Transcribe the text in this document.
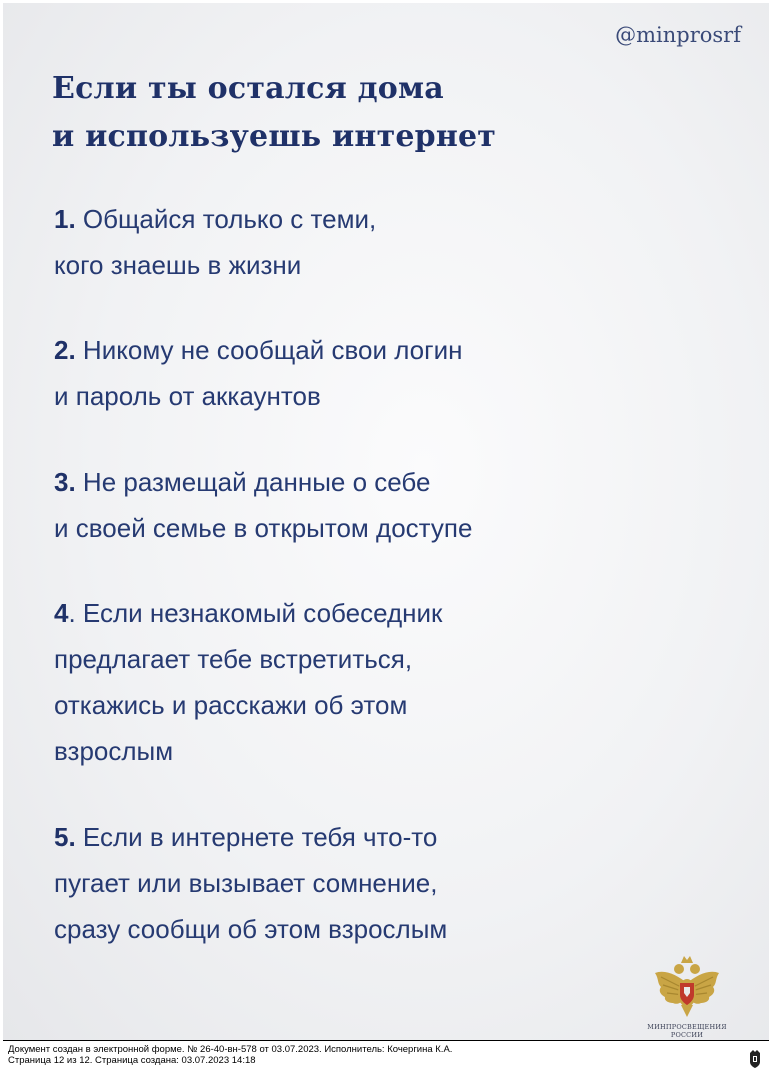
@minprosrf
Если ты остался дома
и используешь интернет
1. Общайся только с теми,
кого знаешь в жизни
2. Никому не сообщай свои логин
и пароль от аккаунтов
3. Не размещай данные о себе
и своей семье в открытом доступе
4. Если незнакомый собеседник
предлагает тебе встретиться,
откажись и расскажи об этом
взрослым
5. Если в интернете тебя что-то
пугает или вызывает сомнение,
сразу сообщи об этом взрослым
МИНПРОСВЕЩЕНИЯ
РОССИИ
Документ создан в электронной форме. № 26-40-вн-578 от 03.07.2023. Исполнитель: Кочергина К.А.
Страница 12 из 12. Страница создана: 03.07.2023 14:18
